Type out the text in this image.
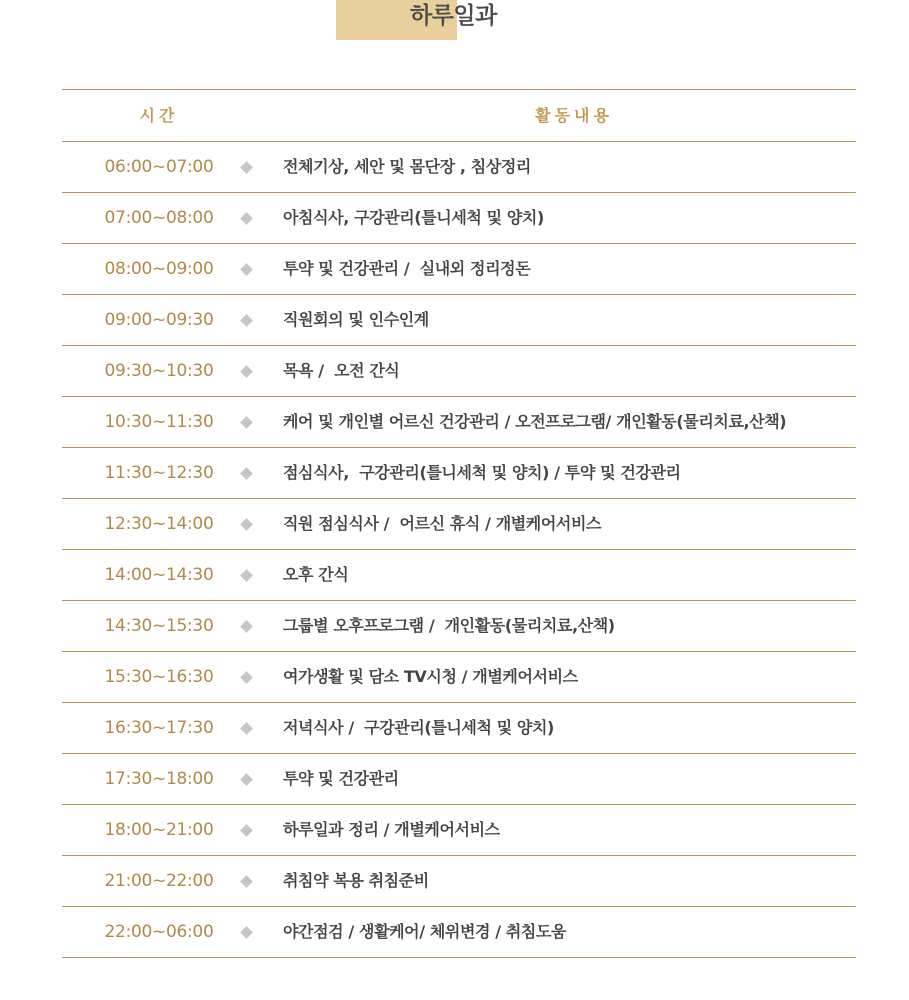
하루일과
시간	활동내용
06:00~07:00	전체기상, 세안 및 몸단장 , 침상정리
07:00~08:00	아침식사, 구강관리(틀니세척 및 양치)
08:00~09:00	투약 및 건강관리 /  실내외 정리정돈
09:00~09:30	직원회의 및 인수인계
09:30~10:30	목욕 /  오전 간식
10:30~11:30	케어 및 개인별 어르신 건강관리 / 오전프로그램/ 개인활동(물리치료,산책)
11:30~12:30	점심식사,  구강관리(틀니세척 및 양치) / 투약 및 건강관리
12:30~14:00	직원 점심식사 /  어르신 휴식 / 개별케어서비스
14:00~14:30	오후 간식
14:30~15:30	그룹별 오후프로그램 /  개인활동(물리치료,산책)
15:30~16:30	여가생활 및 담소 TV시청 / 개별케어서비스
16:30~17:30	저녁식사 /  구강관리(틀니세척 및 양치)
17:30~18:00	투약 및 건강관리
18:00~21:00	하루일과 정리 / 개별케어서비스
21:00~22:00	취침약 복용 취침준비
22:00~06:00	야간점검 / 생활케어/ 체위변경 / 취침도움
